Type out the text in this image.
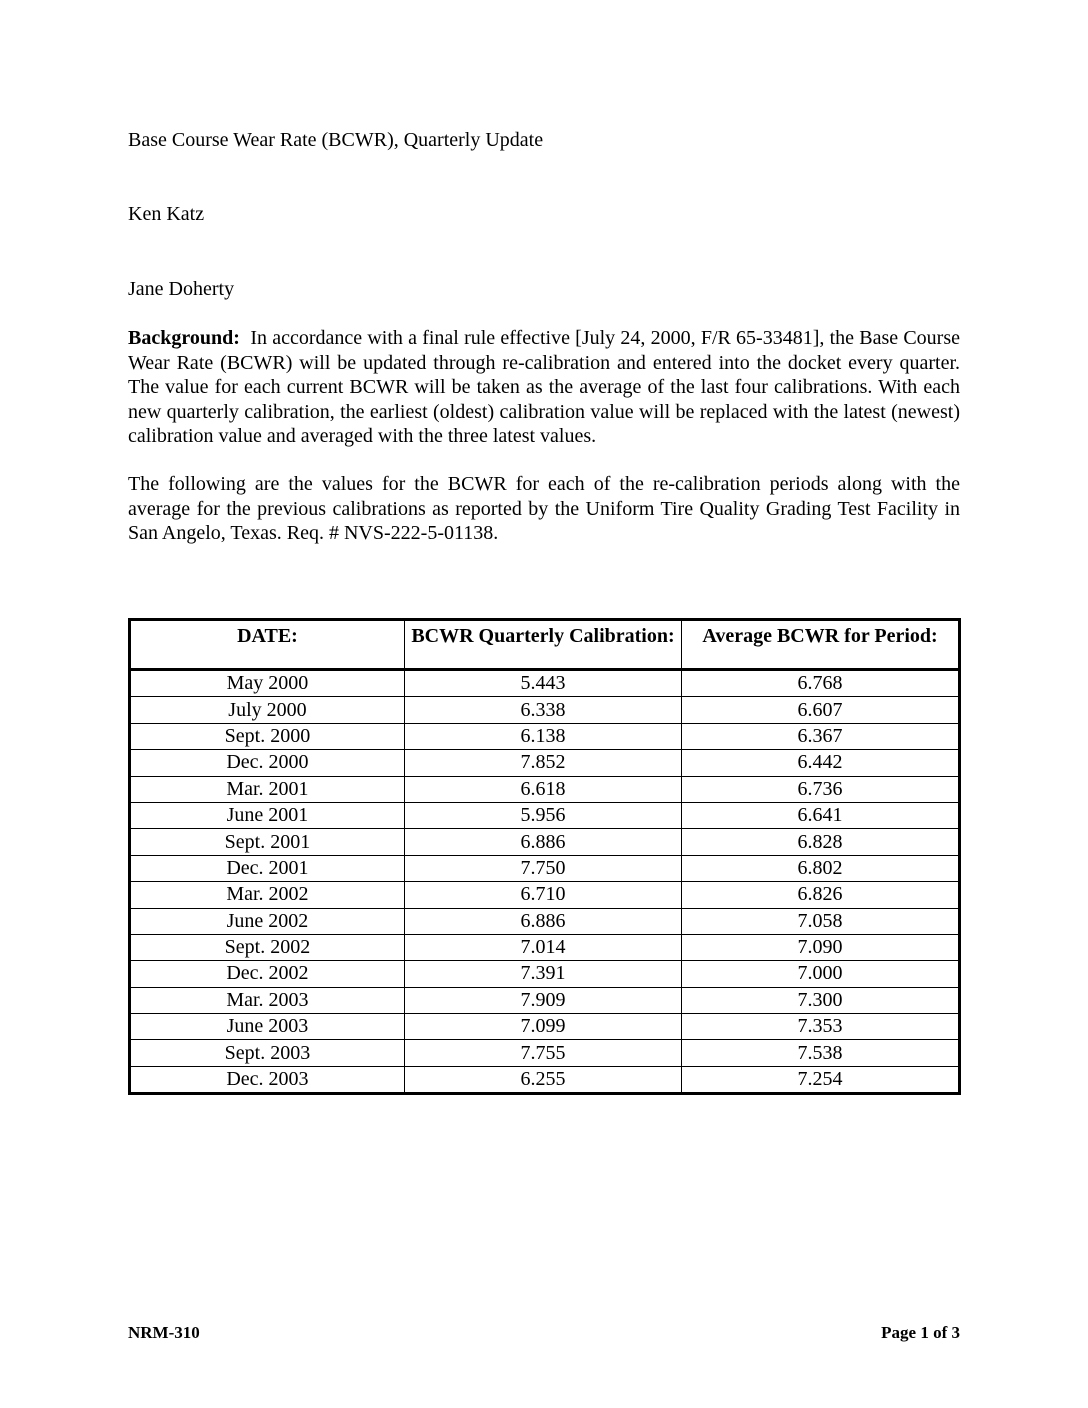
Base Course Wear Rate (BCWR), Quarterly Update
Ken Katz
Jane Doherty
Background: In accordance with a final rule effective [July 24, 2000, F/R 65-33481], the Base Course Wear Rate (BCWR) will be updated through re-calibration and entered into the docket every quarter. The value for each current BCWR will be taken as the average of the last four calibrations. With each new quarterly calibration, the earliest (oldest) calibration value will be replaced with the latest (newest) calibration value and averaged with the three latest values.
The following are the values for the BCWR for each of the re-calibration periods along with the average for the previous calibrations as reported by the Uniform Tire Quality Grading Test Facility in San Angelo, Texas. Req. # NVS-222-5-01138.
DATE:	BCWR Quarterly Calibration:	Average BCWR for Period:
May 2000	5.443	6.768
July 2000	6.338	6.607
Sept. 2000	6.138	6.367
Dec. 2000	7.852	6.442
Mar. 2001	6.618	6.736
June 2001	5.956	6.641
Sept. 2001	6.886	6.828
Dec. 2001	7.750	6.802
Mar. 2002	6.710	6.826
June 2002	6.886	7.058
Sept. 2002	7.014	7.090
Dec. 2002	7.391	7.000
Mar. 2003	7.909	7.300
June 2003	7.099	7.353
Sept. 2003	7.755	7.538
Dec. 2003	6.255	7.254
NRM-310	Page 1 of 3
